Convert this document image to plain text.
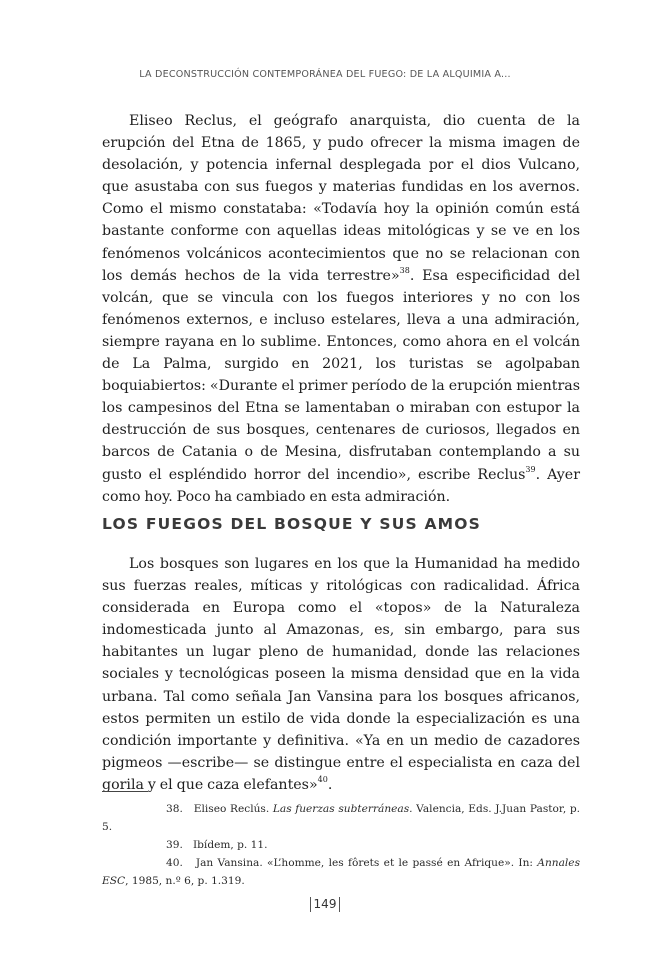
LA DECONSTRUCCIÓN CONTEMPORÁNEA DEL FUEGO: DE LA ALQUIMIA A...

Eliseo Reclus, el geógrafo anarquista, dio cuenta de la erupción del Etna de 1865, y pudo ofrecer la misma imagen de desolación, y potencia infernal desplegada por el dios Vulcano, que asustaba con sus fuegos y materias fundidas en los avernos. Como el mismo constataba: «Todavía hoy la opinión común está bastante conforme con aquellas ideas mitológicas y se ve en los fenómenos volcánicos acontecimientos que no se relacionan con los demás hechos de la vida terrestre»$^{38}$. Esa especificidad del volcán, que se vincula con los fuegos interiores y no con los fenómenos externos, e incluso estelares, lleva a una admiración, siempre rayana en lo sublime. Entonces, como ahora en el volcán de La Palma, surgido en 2021, los turistas se agolpaban boquiabiertos: «Durante el primer período de la erupción mientras los campesinos del Etna se lamentaban o miraban con estupor la destrucción de sus bosques, centenares de curiosos, llegados en barcos de Catania o de Mesina, disfrutaban contemplando a su gusto el espléndido horror del incendio», escribe Reclus$^{39}$. Ayer como hoy. Poco ha cambiado en esta admiración.

LOS FUEGOS DEL BOSQUE Y SUS AMOS

Los bosques son lugares en los que la Humanidad ha medido sus fuerzas reales, míticas y ritológicas con radicalidad. África considerada en Europa como el «topos» de la Naturaleza indomesticada junto al Amazonas, es, sin embargo, para sus habitantes un lugar pleno de humanidad, donde las relaciones sociales y tecnológicas poseen la misma densidad que en la vida urbana. Tal como señala Jan Vansina para los bosques africanos, estos permiten un estilo de vida donde la especialización es una condición importante y definitiva. «Ya en un medio de cazadores pigmeos —escribe— se distingue entre el especialista en caza del gorila y el que caza elefantes»$^{40}$.

38. Eliseo Reclús. Las fuerzas subterráneas. Valencia, Eds. J.Juan Pastor, p. 5.

39. Ibídem, p. 11.

40. Jan Vansina. «L’homme, les fôrets et le passé en Afrique». In: Annales ESC, 1985, n.º 6, p. 1.319.

149
